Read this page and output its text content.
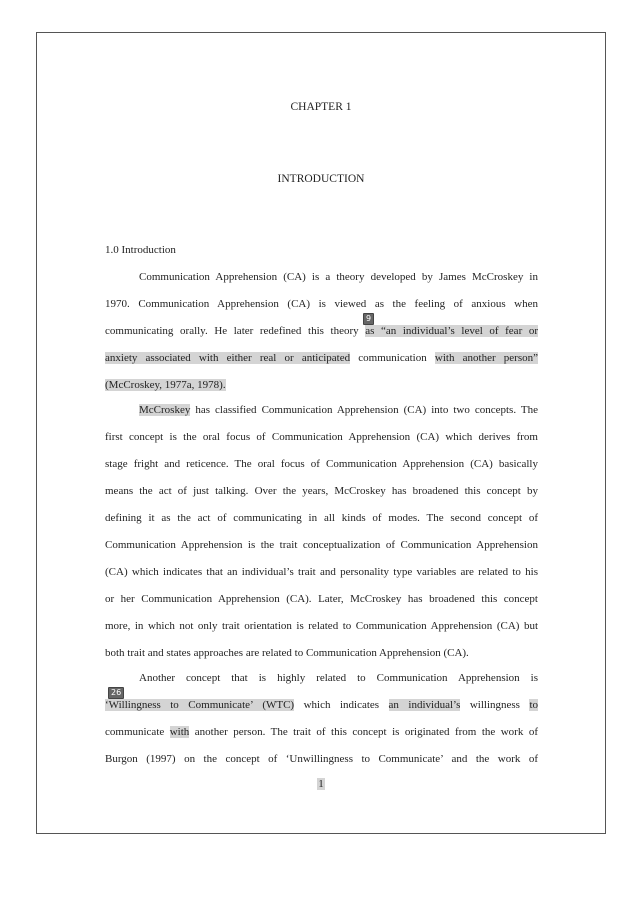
CHAPTER 1
INTRODUCTION
1.0 Introduction
Communication Apprehension (CA) is a theory developed by James McCroskey in
1970. Communication Apprehension (CA) is viewed as the feeling of anxious when
9
communicating orally. He later redefined this theory as “an individual’s level of fear or
anxiety associated with either real or anticipated communication with another person”
(McCroskey, 1977a, 1978).
McCroskey has classified Communication Apprehension (CA) into two concepts. The
first concept is the oral focus of Communication Apprehension (CA) which derives from
stage fright and reticence. The oral focus of Communication Apprehension (CA) basically
means the act of just talking. Over the years, McCroskey has broadened this concept by
defining it as the act of communicating in all kinds of modes. The second concept of
Communication Apprehension is the trait conceptualization of Communication Apprehension
(CA) which indicates that an individual’s trait and personality type variables are related to his
or her Communication Apprehension (CA). Later, McCroskey has broadened this concept
more, in which not only trait orientation is related to Communication Apprehension (CA) but
both trait and states approaches are related to Communication Apprehension (CA).
Another concept that is highly related to Communication Apprehension is
26
‘Willingness to Communicate’ (WTC) which indicates an individual’s willingness to
communicate with another person. The trait of this concept is originated from the work of
Burgon (1997) on the concept of ‘Unwillingness to Communicate’ and the work of
1
